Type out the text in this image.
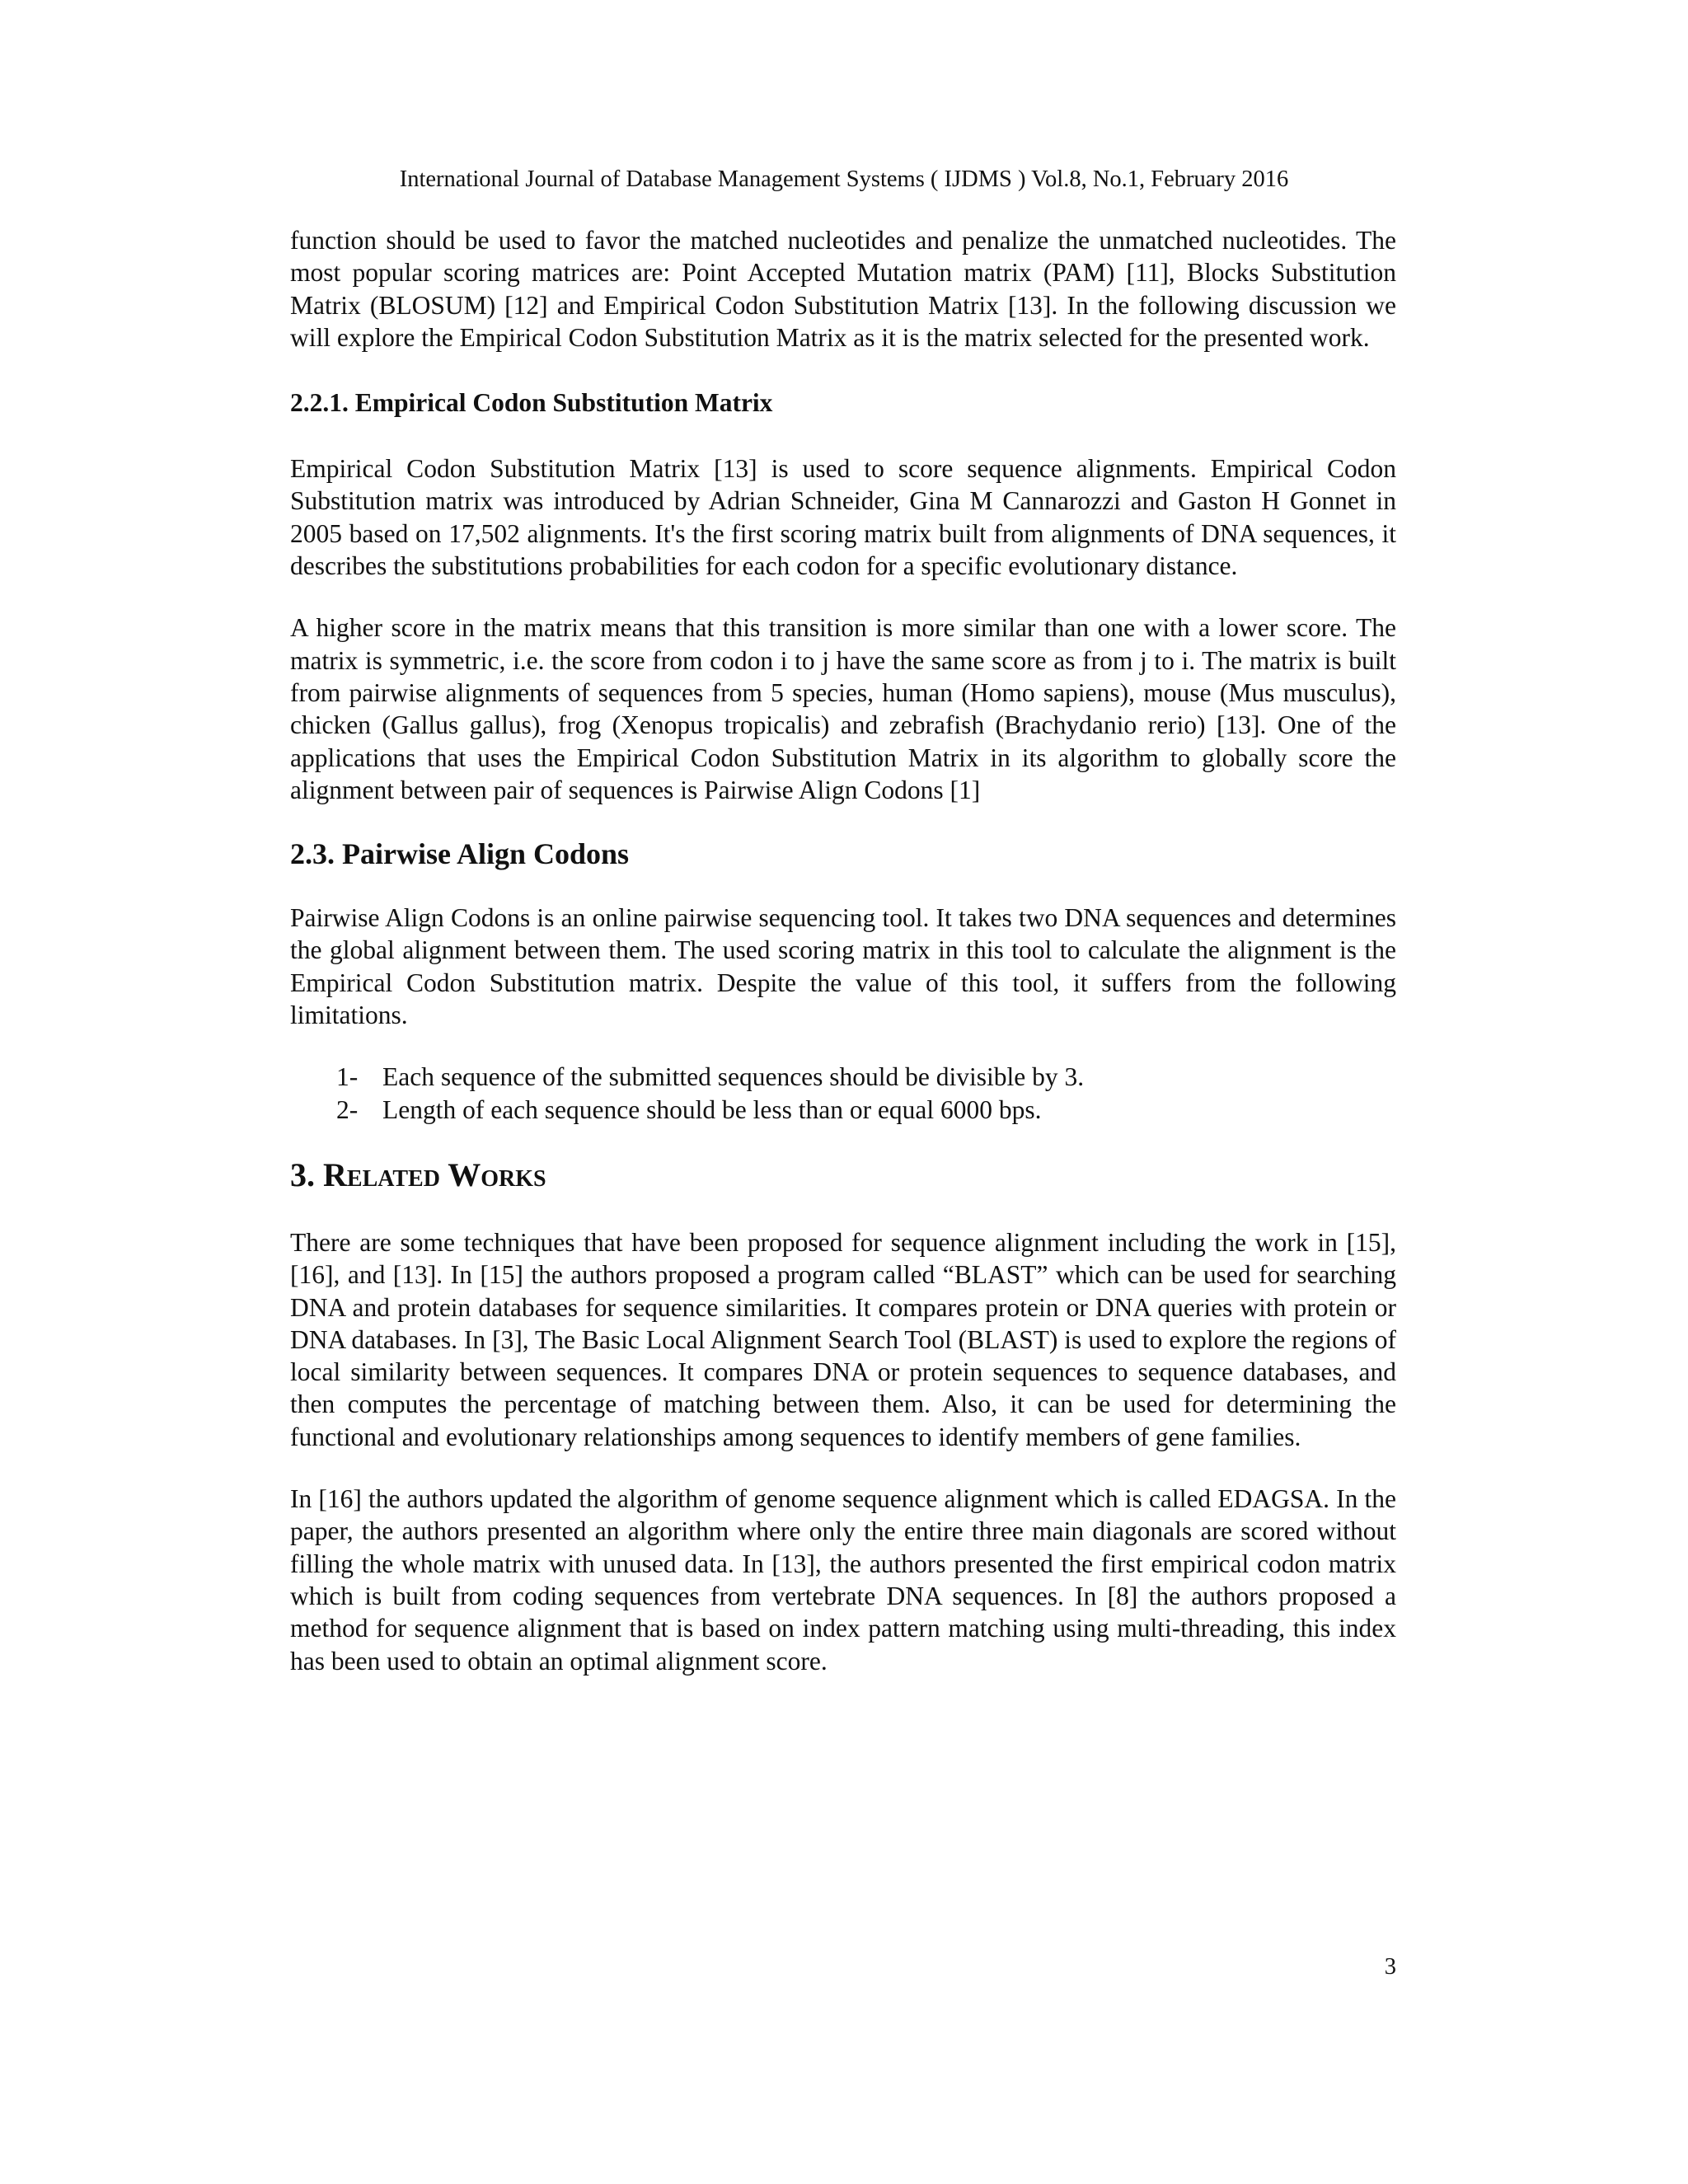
International Journal of Database Management Systems ( IJDMS ) Vol.8, No.1, February 2016

function should be used to favor the matched nucleotides and penalize the unmatched nucleotides. The most popular scoring matrices are: Point Accepted Mutation matrix (PAM) [11], Blocks Substitution Matrix (BLOSUM) [12] and Empirical Codon Substitution Matrix [13]. In the following discussion we will explore the Empirical Codon Substitution Matrix as it is the matrix selected for the presented work.

2.2.1. Empirical Codon Substitution Matrix

Empirical Codon Substitution Matrix [13] is used to score sequence alignments. Empirical Codon Substitution matrix was introduced by Adrian Schneider, Gina M Cannarozzi and Gaston H Gonnet in 2005 based on 17,502 alignments. It's the first scoring matrix built from alignments of DNA sequences, it describes the substitutions probabilities for each codon for a specific evolutionary distance.

A higher score in the matrix means that this transition is more similar than one with a lower score. The matrix is symmetric, i.e. the score from codon i to j have the same score as from j to i. The matrix is built from pairwise alignments of sequences from 5 species, human (Homo sapiens), mouse (Mus musculus), chicken (Gallus gallus), frog (Xenopus tropicalis) and zebrafish (Brachydanio rerio) [13]. One of the applications that uses the Empirical Codon Substitution Matrix in its algorithm to globally score the alignment between pair of sequences is Pairwise Align Codons [1]

2.3. Pairwise Align Codons

Pairwise Align Codons is an online pairwise sequencing tool. It takes two DNA sequences and determines the global alignment between them. The used scoring matrix in this tool to calculate the alignment is the Empirical Codon Substitution matrix. Despite the value of this tool, it suffers from the following limitations.

1- Each sequence of the submitted sequences should be divisible by 3.
2- Length of each sequence should be less than or equal 6000 bps.
3. Related Works

There are some techniques that have been proposed for sequence alignment including the work in [15], [16], and [13]. In [15] the authors proposed a program called “BLAST” which can be used for searching DNA and protein databases for sequence similarities. It compares protein or DNA queries with protein or DNA databases. In [3], The Basic Local Alignment Search Tool (BLAST) is used to explore the regions of local similarity between sequences. It compares DNA or protein sequences to sequence databases, and then computes the percentage of matching between them. Also, it can be used for determining the functional and evolutionary relationships among sequences to identify members of gene families.

In [16] the authors updated the algorithm of genome sequence alignment which is called EDAGSA. In the paper, the authors presented an algorithm where only the entire three main diagonals are scored without filling the whole matrix with unused data. In [13], the authors presented the first empirical codon matrix which is built from coding sequences from vertebrate DNA sequences. In [8] the authors proposed a method for sequence alignment that is based on index pattern matching using multi-threading, this index has been used to obtain an optimal alignment score.

3
